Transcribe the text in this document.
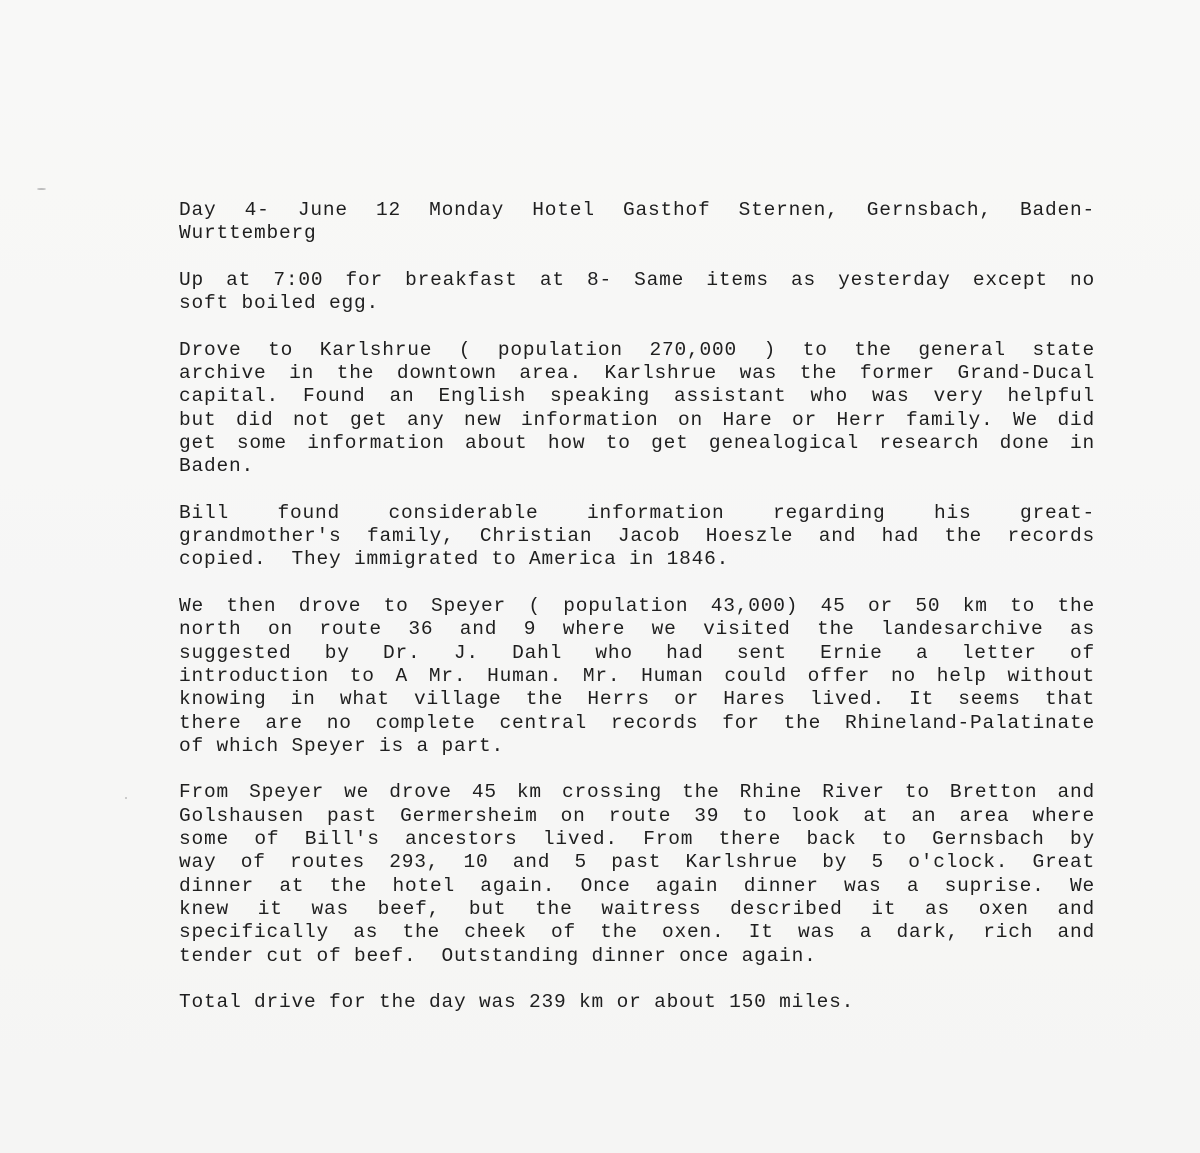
Day 4- June 12 Monday Hotel Gasthof Sternen, Gernsbach, Baden-
Wurttemberg

Up at 7:00 for breakfast at 8- Same items as yesterday except no
soft boiled egg.

Drove to Karlshrue ( population 270,000 ) to the general state
archive in the downtown area. Karlshrue was the former Grand-Ducal
capital. Found an English speaking assistant who was very helpful
but did not get any new information on Hare or Herr family. We did
get some information about how to get genealogical research done in
Baden.

Bill found considerable information regarding his great-
grandmother's family, Christian Jacob Hoeszle and had the records
copied.  They immigrated to America in 1846.

We then drove to Speyer ( population 43,000) 45 or 50 km to the
north on route 36 and 9 where we visited the landesarchive as
suggested by Dr. J. Dahl who had sent Ernie a letter of
introduction to A Mr. Human. Mr. Human could offer no help without
knowing in what village the Herrs or Hares lived. It seems that
there are no complete central records for the Rhineland-Palatinate
of which Speyer is a part.

From Speyer we drove 45 km crossing the Rhine River to Bretton and
Golshausen past Germersheim on route 39 to look at an area where
some of Bill's ancestors lived. From there back to Gernsbach by
way of routes 293, 10 and 5 past Karlshrue by 5 o'clock. Great
dinner at the hotel again. Once again dinner was a suprise. We
knew it was beef, but the waitress described it as oxen and
specifically as the cheek of the oxen. It was a dark, rich and
tender cut of beef.  Outstanding dinner once again.

Total drive for the day was 239 km or about 150 miles.
